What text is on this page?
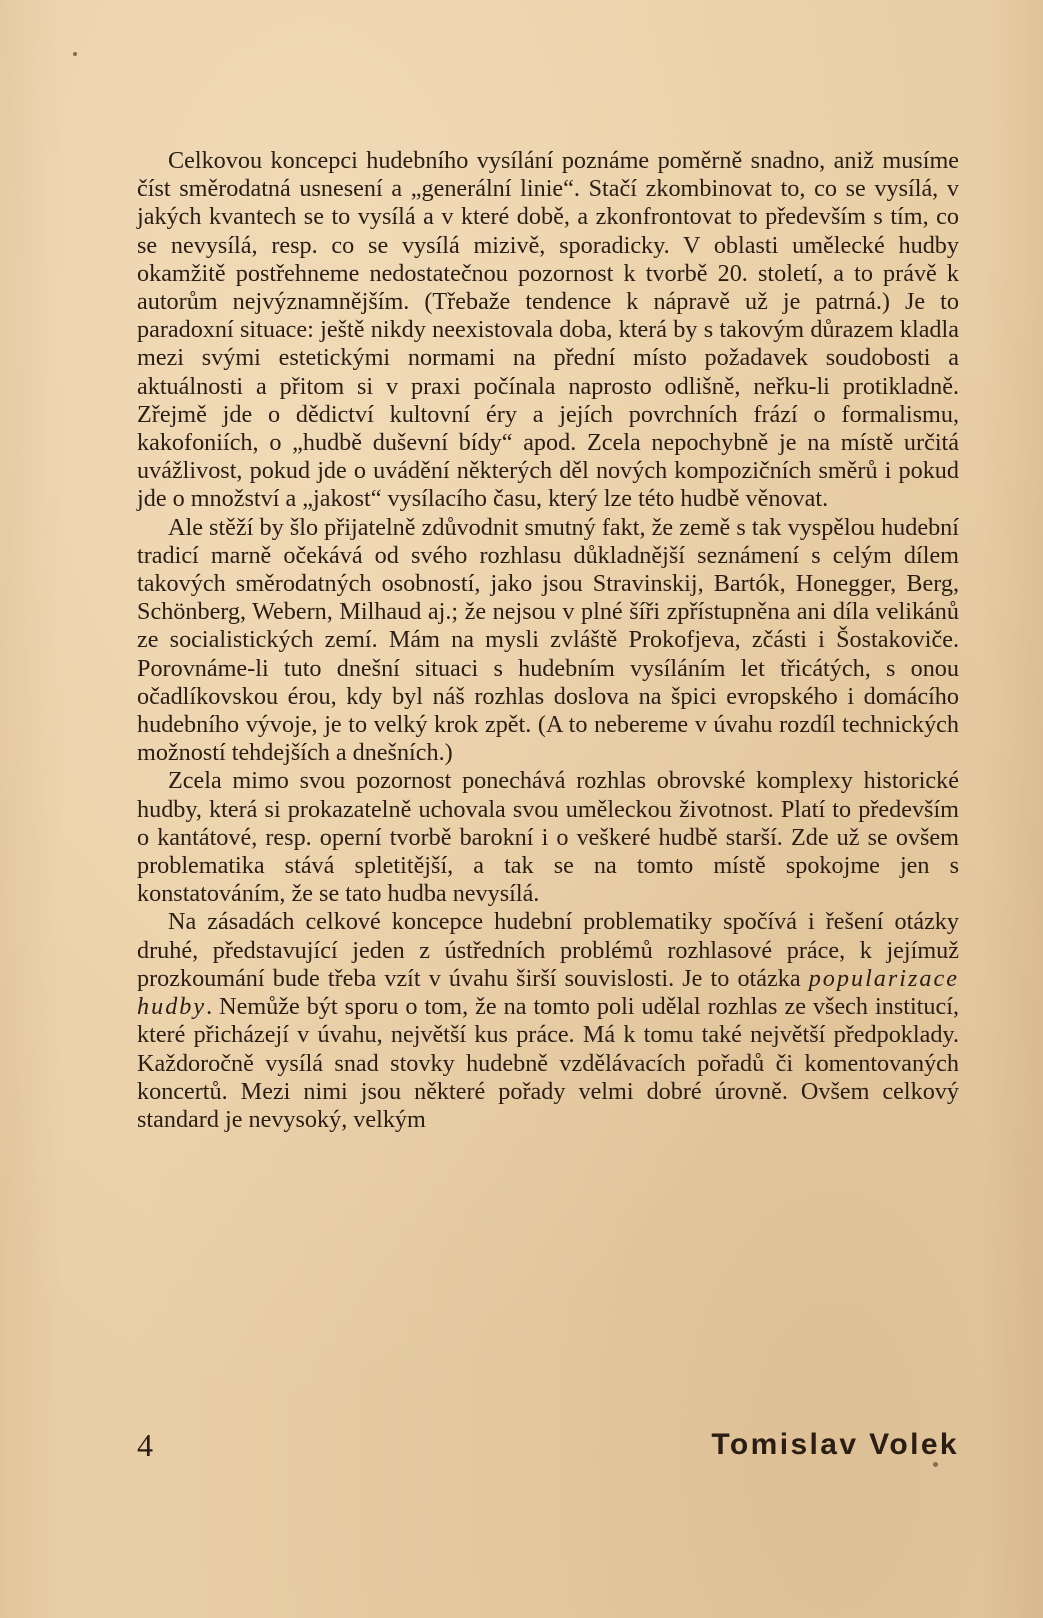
Celkovou koncepci hudebního vysílání poznáme poměrně snadno, aniž musíme číst směrodatná usnesení a „generální linie“. Stačí zkombinovat to, co se vysílá, v jakých kvantech se to vysílá a v které době, a zkonfrontovat to především s tím, co se nevysílá, resp. co se vysílá mizivě, sporadicky. V oblasti umělecké hudby okamžitě postřehneme nedostatečnou pozornost k tvorbě 20. století, a to právě k autorům nejvýznamnějším. (Třebaže tendence k nápravě už je patrná.) Je to paradoxní situace: ještě nikdy neexistovala doba, která by s takovým důrazem kladla mezi svými estetickými normami na přední místo požadavek soudobosti a aktuálnosti a přitom si v praxi počínala naprosto odlišně, neřku-li protikladně. Zřejmě jde o dědictví kultovní éry a jejích povrchních frází o formalismu, kakofoniích, o „hudbě duševní bídy“ apod. Zcela nepochybně je na místě určitá uvážlivost, pokud jde o uvádění některých děl nových kompozičních směrů i pokud jde o množství a „jakost“ vysílacího času, který lze této hudbě věnovat.

Ale stěží by šlo přijatelně zdůvodnit smutný fakt, že země s tak vyspělou hudební tradicí marně očekává od svého rozhlasu důkladnější seznámení s celým dílem takových směrodatných osobností, jako jsou Stravinskij, Bartók, Honegger, Berg, Schönberg, Webern, Milhaud aj.; že nejsou v plné šíři zpřístupněna ani díla velikánů ze socialistických zemí. Mám na mysli zvláště Prokofjeva, zčásti i Šostakoviče. Porovnáme-li tuto dnešní situaci s hudebním vysíláním let třicátých, s onou očadlíkovskou érou, kdy byl náš rozhlas doslova na špici evropského i domácího hudebního vývoje, je to velký krok zpět. (A to nebereme v úvahu rozdíl technických možností tehdejších a dnešních.)

Zcela mimo svou pozornost ponechává rozhlas obrovské komplexy historické hudby, která si prokazatelně uchovala svou uměleckou životnost. Platí to především o kantátové, resp. operní tvorbě barokní i o veškeré hudbě starší. Zde už se ovšem problematika stává spletitější, a tak se na tomto místě spokojme jen s konstatováním, že se tato hudba nevysílá.

Na zásadách celkové koncepce hudební problematiky spočívá i řešení otázky druhé, představující jeden z ústředních problémů rozhlasové práce, k jejímuž prozkoumání bude třeba vzít v úvahu širší souvislosti. Je to otázka popularizace hudby. Nemůže být sporu o tom, že na tomto poli udělal rozhlas ze všech institucí, které přicházejí v úvahu, největší kus práce. Má k tomu také největší předpoklady. Každoročně vysílá snad stovky hudebně vzdělávacích pořadů či komentovaných koncertů. Mezi nimi jsou některé pořady velmi dobré úrovně. Ovšem celkový standard je nevysoký, velkým

4	Tomislav Volek
